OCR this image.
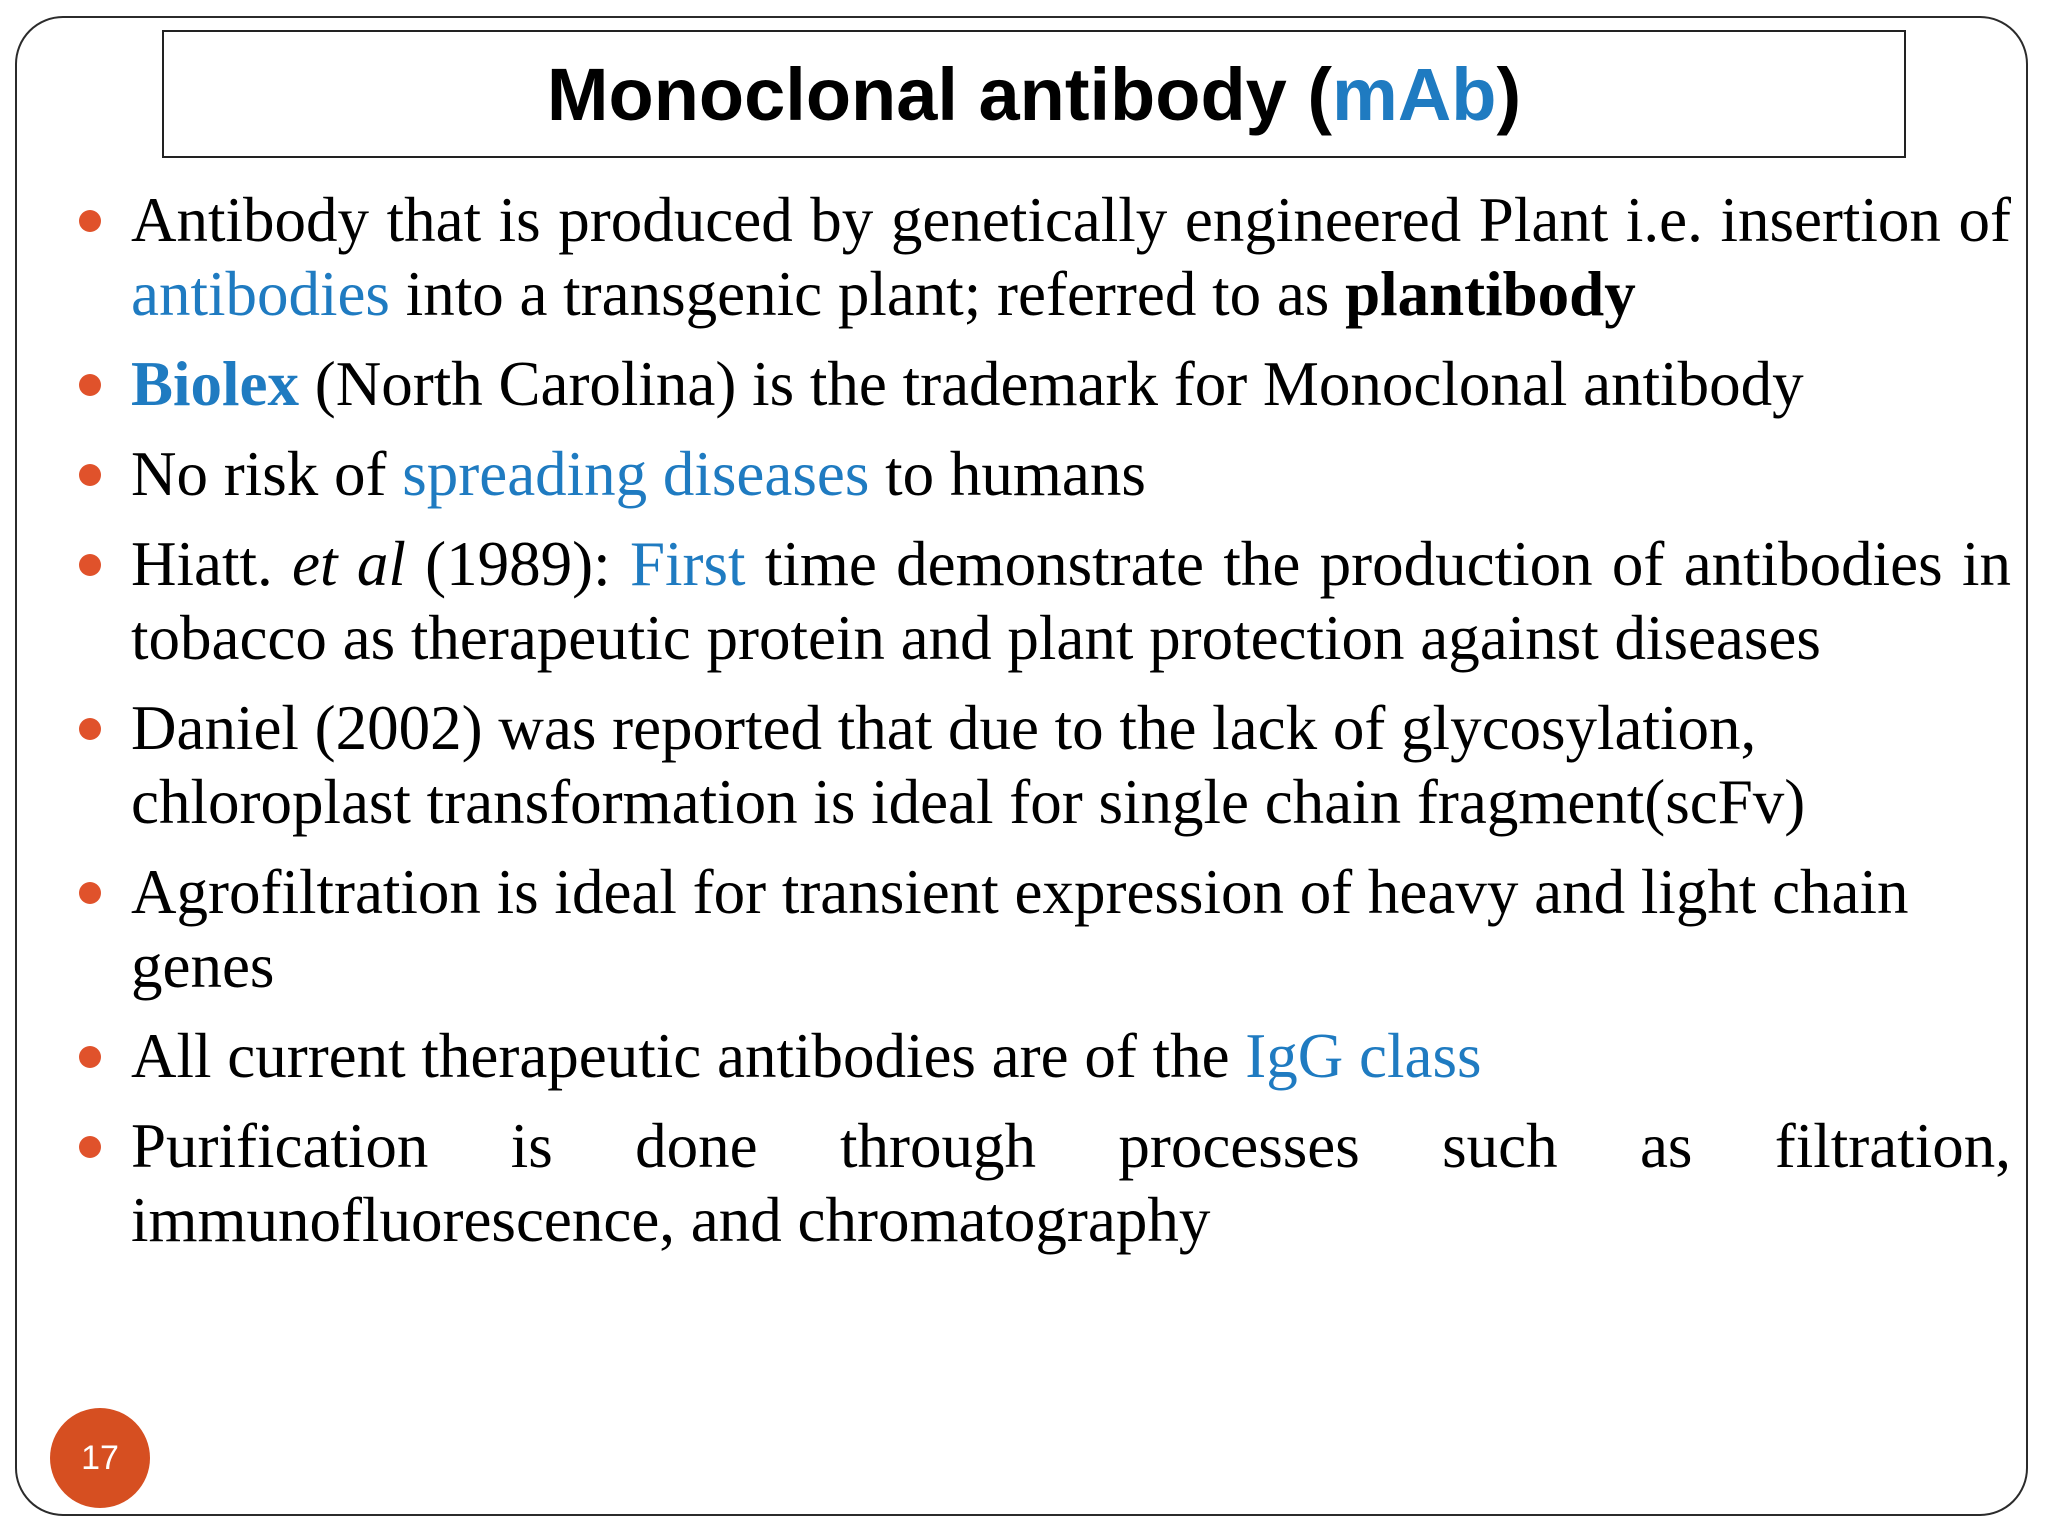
Monoclonal antibody ( mAb )
Antibody that is produced by genetically engineered Plant i.e. insertion of antibodies into a transgenic plant; referred to as plantibody
Biolex (North Carolina) is the trademark for Monoclonal antibody
No risk of spreading diseases to humans
Hiatt. et al (1989): First time demonstrate the production of antibodies in tobacco as therapeutic protein and plant protection against diseases
Daniel (2002) was reported that due to the lack of glycosylation, chloroplast transformation is ideal for single chain fragment(scFv)
Agrofiltration is ideal for transient expression of heavy and light chain genes
All current therapeutic antibodies are of the IgG class
Purification is done through processes such as filtration, immunofluorescence, and chromatography
17
